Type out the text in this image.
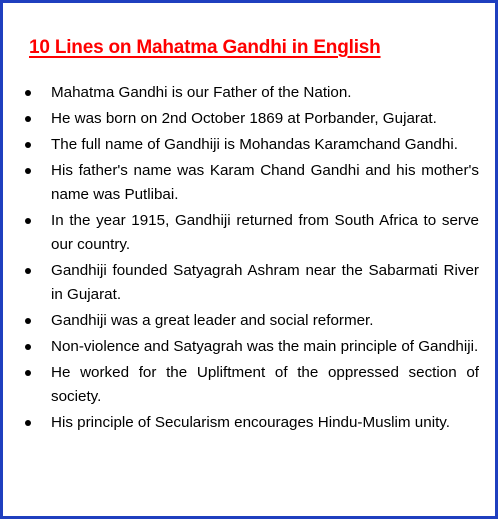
10 Lines on Mahatma Gandhi in English
Mahatma Gandhi is our Father of the Nation.
He was born on 2nd October 1869 at Porbander, Gujarat.
The full name of Gandhiji is Mohandas Karamchand Gandhi.
His father's name was Karam Chand Gandhi and his mother's name was Putlibai.
In the year 1915, Gandhiji returned from South Africa to serve our country.
Gandhiji founded Satyagrah Ashram near the Sabarmati River in Gujarat.
Gandhiji was a great leader and social reformer.
Non-violence and Satyagrah was the main principle of Gandhiji.
He worked for the Upliftment of the oppressed section of society.
His principle of Secularism encourages Hindu-Muslim unity.
